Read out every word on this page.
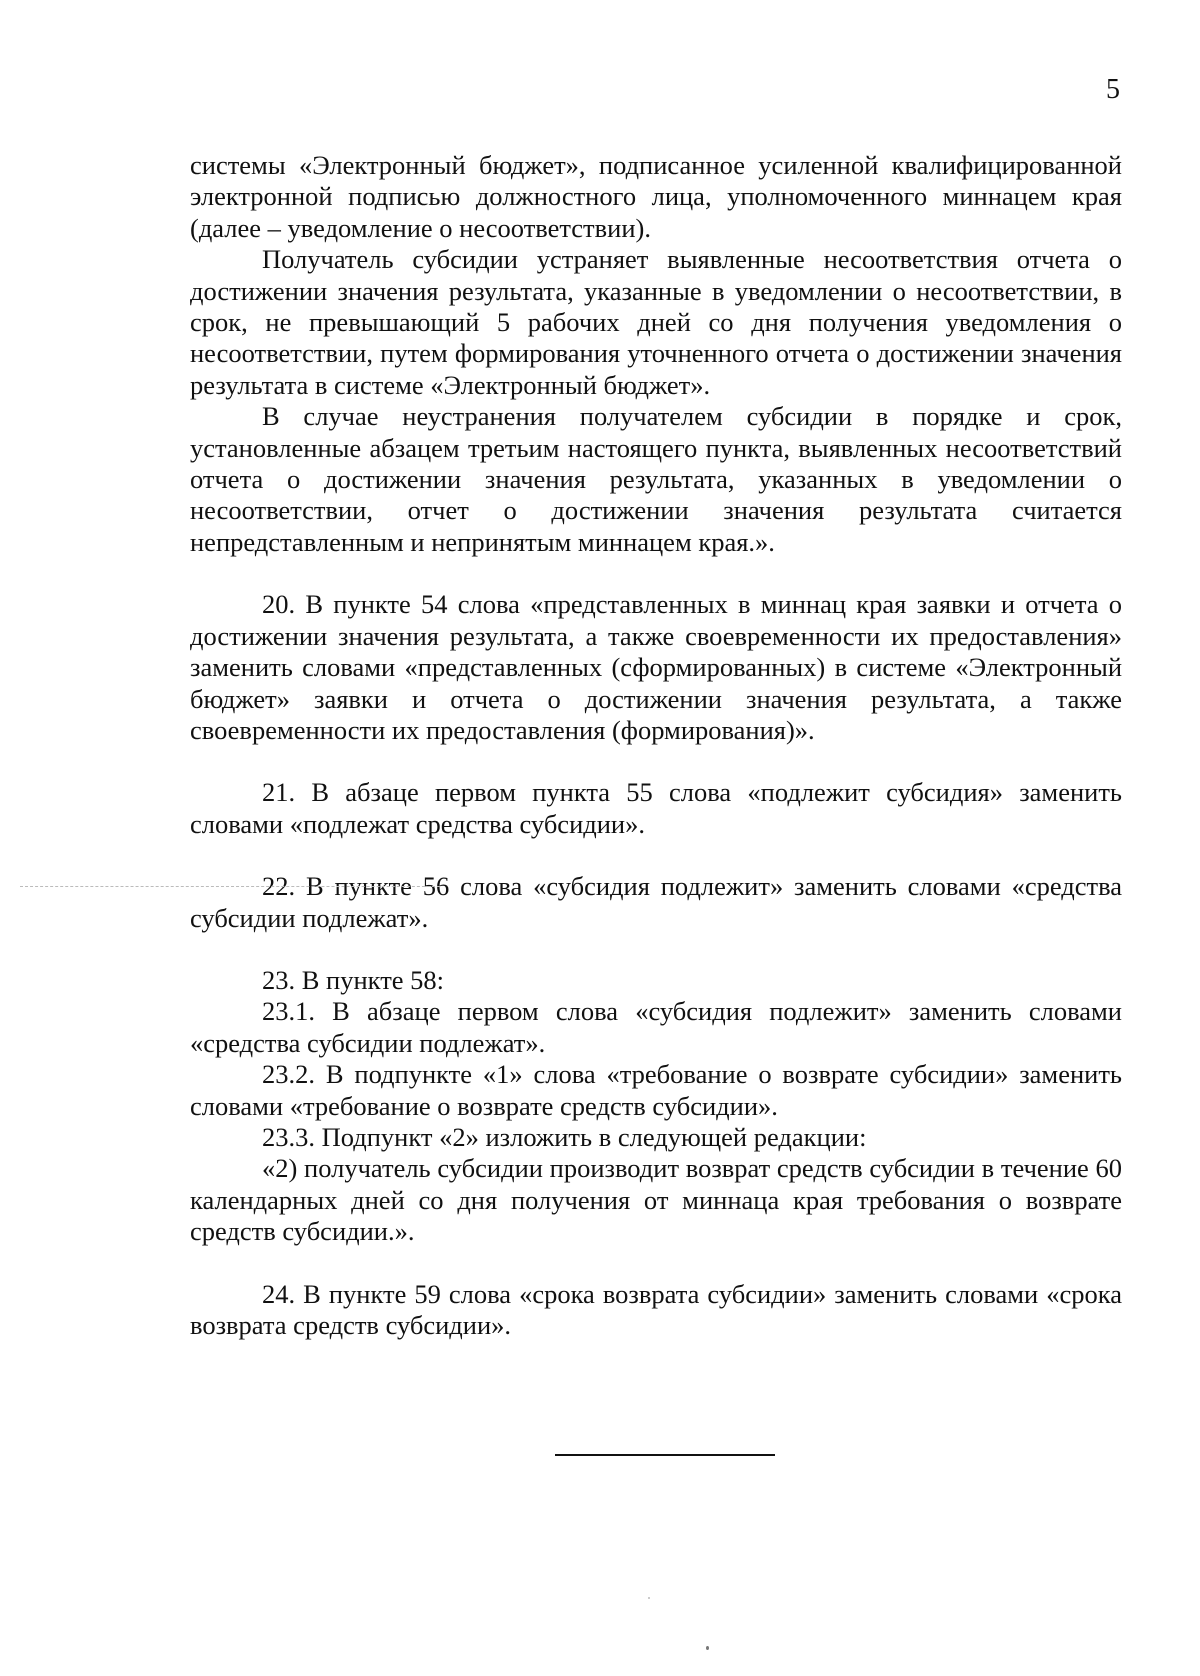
5

системы «Электронный бюджет», подписанное усиленной квалифицированной электронной подписью должностного лица, уполномоченного миннацем края (далее – уведомление о несоответствии).

Получатель субсидии устраняет выявленные несоответствия отчета о достижении значения результата, указанные в уведомлении о несоответствии, в срок, не превышающий 5 рабочих дней со дня получения уведомления о несоответствии, путем формирования уточненного отчета о достижении значения результата в системе «Электронный бюджет».

В случае неустранения получателем субсидии в порядке и срок, установленные абзацем третьим настоящего пункта, выявленных несоответствий отчета о достижении значения результата, указанных в уведомлении о несоответствии, отчет о достижении значения результата считается непредставленным и непринятым миннацем края.».

20. В пункте 54 слова «представленных в миннац края заявки и отчета о достижении значения результата, а также своевременности их предоставления» заменить словами «представленных (сформированных) в системе «Электронный бюджет» заявки и отчета о достижении значения результата, а также своевременности их предоставления (формирования)».

21. В абзаце первом пункта 55 слова «подлежит субсидия» заменить словами «подлежат средства субсидии».

22. В пункте 56 слова «субсидия подлежит» заменить словами «средства субсидии подлежат».

23. В пункте 58:

23.1. В абзаце первом слова «субсидия подлежит» заменить словами «средства субсидии подлежат».

23.2. В подпункте «1» слова «требование о возврате субсидии» заменить словами «требование о возврате средств субсидии».

23.3. Подпункт «2» изложить в следующей редакции:

«2) получатель субсидии производит возврат средств субсидии в течение 60 календарных дней со дня получения от миннаца края требования о возврате средств субсидии.».

24. В пункте 59 слова «срока возврата субсидии» заменить словами «срока возврата средств субсидии».
